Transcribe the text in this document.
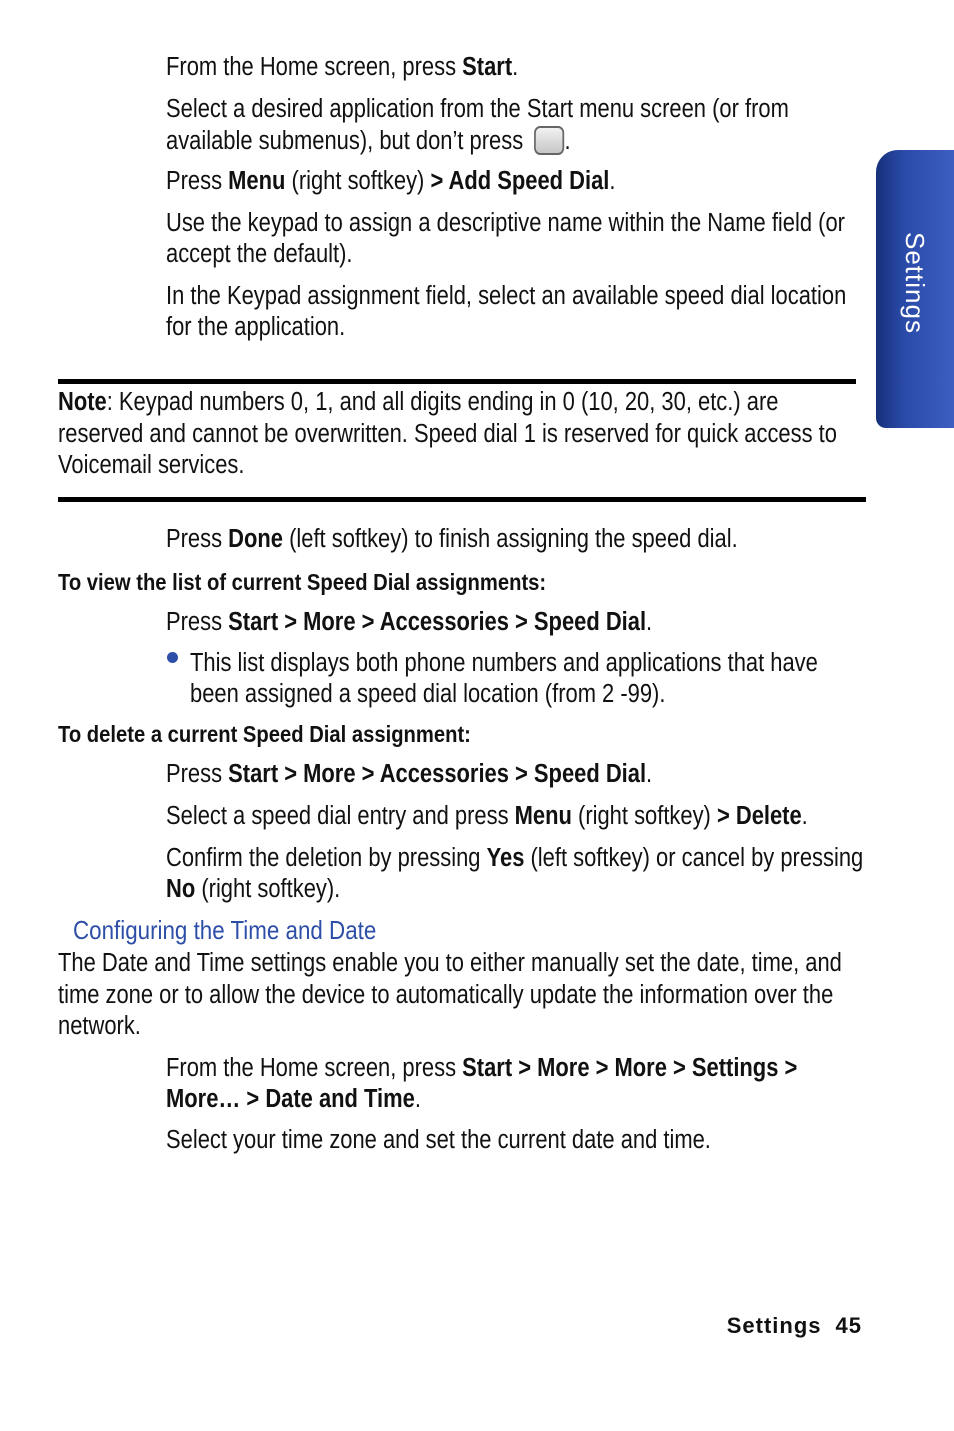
Settings
From the Home screen, press Start.
Select a desired application from the Start menu screen (or from
available submenus), but don’t press .
Press Menu (right softkey) > Add Speed Dial.
Use the keypad to assign a descriptive name within the Name field (or
accept the default).
In the Keypad assignment field, select an available speed dial location
for the application.
Note: Keypad numbers 0, 1, and all digits ending in 0 (10, 20, 30, etc.) are
reserved and cannot be overwritten. Speed dial 1 is reserved for quick access to
Voicemail services.
Press Done (left softkey) to finish assigning the speed dial.
To view the list of current Speed Dial assignments:
Press Start > More > Accessories > Speed Dial.
This list displays both phone numbers and applications that have
been assigned a speed dial location (from 2 -99).
To delete a current Speed Dial assignment:
Press Start > More > Accessories > Speed Dial.
Select a speed dial entry and press Menu (right softkey) > Delete.
Confirm the deletion by pressing Yes (left softkey) or cancel by pressing
No (right softkey).
Configuring the Time and Date
The Date and Time settings enable you to either manually set the date, time, and
time zone or to allow the device to automatically update the information over the
network.
From the Home screen, press Start > More > More > Settings >
More… > Date and Time.
Select your time zone and set the current date and time.
Settings 45
